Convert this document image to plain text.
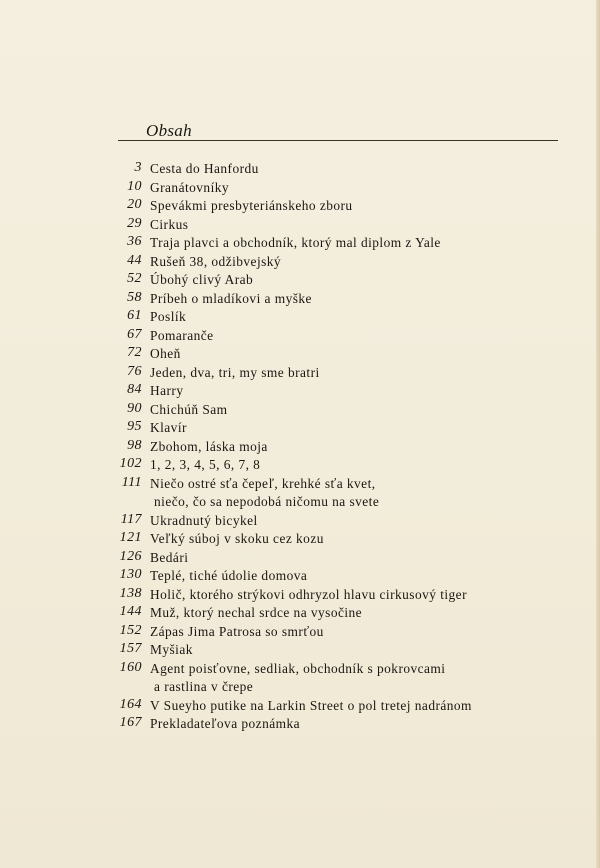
Obsah
3 Cesta do Hanfordu
10 Granátovníky
20 Spevákmi presbyteriánskeho zboru
29 Cirkus
36 Traja plavci a obchodník, ktorý mal diplom z Yale
44 Rušeň 38, odžibvejský
52 Úbohý clivý Arab
58 Príbeh o mladíkovi a myške
61 Poslík
67 Pomaranče
72 Oheň
76 Jeden, dva, tri, my sme bratri
84 Harry
90 Chichúň Sam
95 Klavír
98 Zbohom, láska moja
102 1, 2, 3, 4, 5, 6, 7, 8
111 Niečo ostré sťa čepeľ, krehké sťa kvet,
niečo, čo sa nepodobá ničomu na svete
117 Ukradnutý bicykel
121 Veľký súboj v skoku cez kozu
126 Bedári
130 Teplé, tiché údolie domova
138 Holič, ktorého strýkovi odhryzol hlavu cirkusový tiger
144 Muž, ktorý nechal srdce na vysočine
152 Zápas Jima Patrosa so smrťou
157 Myšiak
160 Agent poisťovne, sedliak, obchodník s pokrovcami
a rastlina v črepe
164 V Sueyho putike na Larkin Street o pol tretej nadránom
167 Prekladateľova poznámka
